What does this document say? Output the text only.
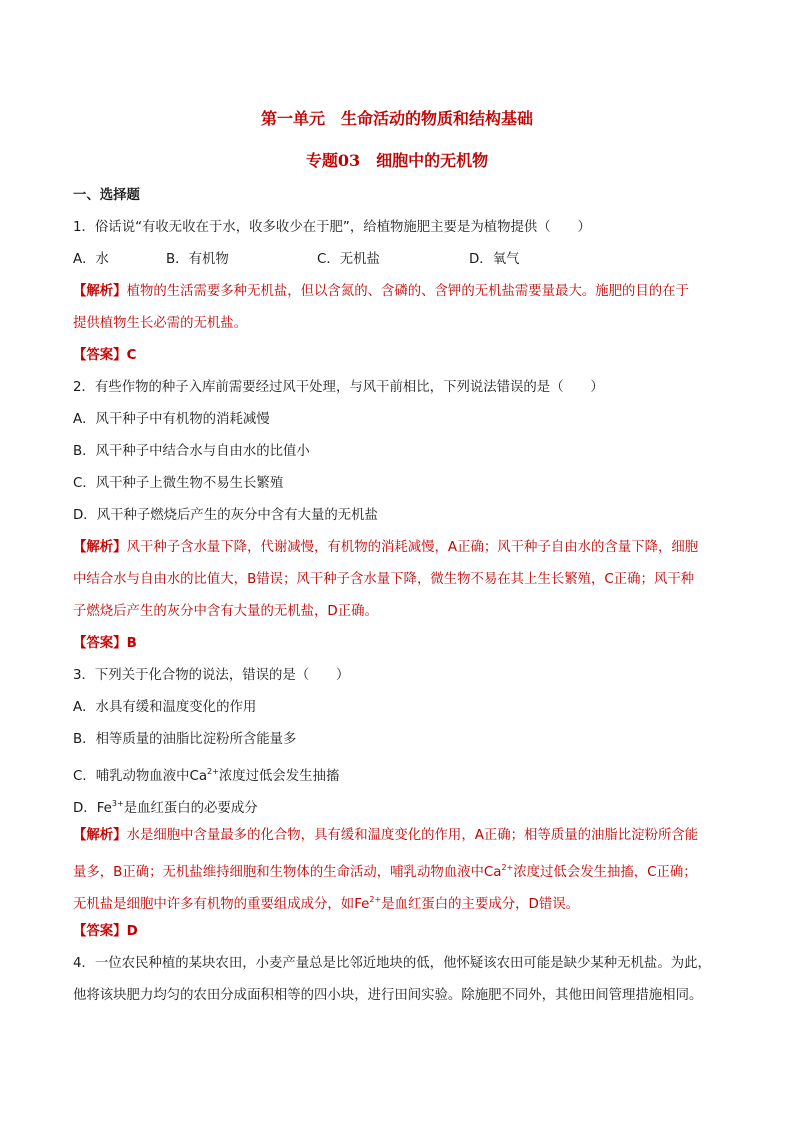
第一单元　生命活动的物质和结构基础
专题03　细胞中的无机物
一、选择题
1．俗话说“有收无收在于水，收多收少在于肥”，给植物施肥主要是为植物提供（　　）
A．水	B．有机物	C．无机盐	D．氧气
【解析】植物的生活需要多种无机盐，但以含氮的、含磷的、含钾的无机盐需要量最大。施肥的目的在于
提供植物生长必需的无机盐。
【答案】C
2．有些作物的种子入库前需要经过风干处理，与风干前相比，下列说法错误的是（　　）
A．风干种子中有机物的消耗减慢
B．风干种子中结合水与自由水的比值小
C．风干种子上微生物不易生长繁殖
D．风干种子燃烧后产生的灰分中含有大量的无机盐
【解析】风干种子含水量下降，代谢减慢，有机物的消耗减慢，A正确；风干种子自由水的含量下降，细胞
中结合水与自由水的比值大，B错误；风干种子含水量下降，微生物不易在其上生长繁殖，C正确；风干种
子燃烧后产生的灰分中含有大量的无机盐，D正确。
【答案】B
3．下列关于化合物的说法，错误的是（　　）
A．水具有缓和温度变化的作用
B．相等质量的油脂比淀粉所含能量多
C．哺乳动物血液中$Ca^{2+}$浓度过低会发生抽搐
D．$Fe^{3+}$是血红蛋白的必要成分
【解析】水是细胞中含量最多的化合物，具有缓和温度变化的作用，A正确；相等质量的油脂比淀粉所含能
量多，B正确；无机盐维持细胞和生物体的生命活动，哺乳动物血液中$Ca^{2+}$浓度过低会发生抽搐，C正确；
无机盐是细胞中许多有机物的重要组成成分，如$Fe^{2+}$是血红蛋白的主要成分，D错误。
【答案】D
4．一位农民种植的某块农田，小麦产量总是比邻近地块的低，他怀疑该农田可能是缺少某种无机盐。为此，
他将该块肥力均匀的农田分成面积相等的四小块，进行田间实验。除施肥不同外，其他田间管理措施相同。
